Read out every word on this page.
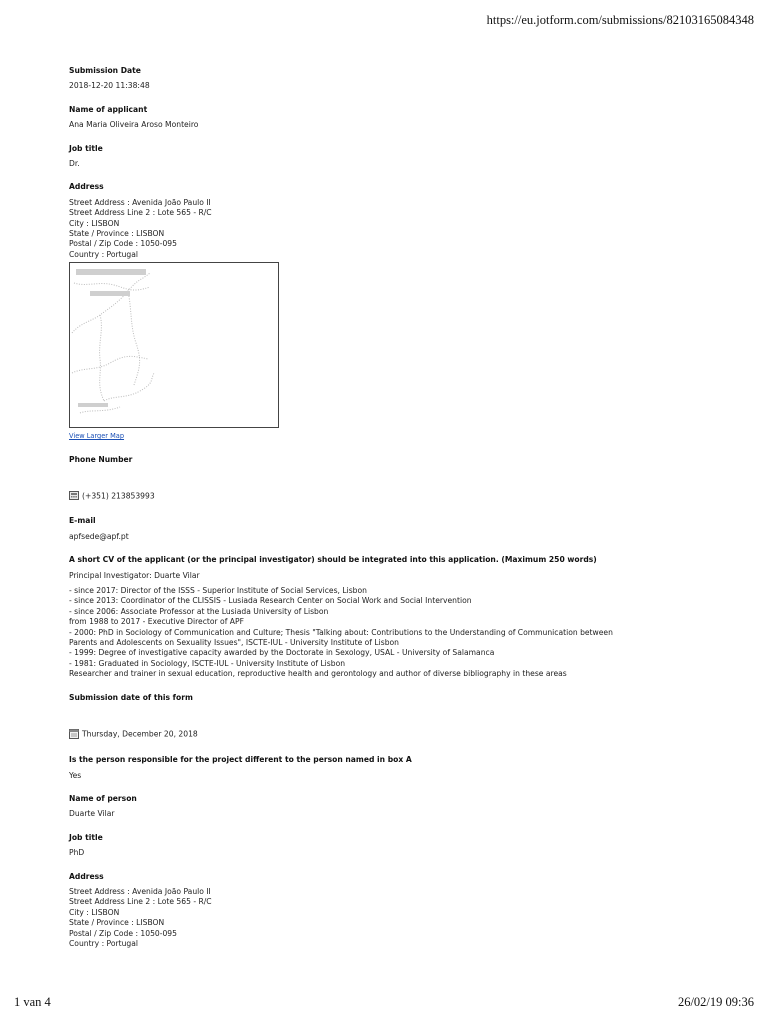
https://eu.jotform.com/submissions/82103165084348
Submission Date
2018-12-20 11:38:48
Name of applicant
Ana Maria Oliveira Aroso Monteiro
Job title
Dr.
Address
Street Address : Avenida João Paulo II
Street Address Line 2 : Lote 565 - R/C
City : LISBON
State / Province : LISBON
Postal / Zip Code : 1050-095
Country : Portugal
View Larger Map
Phone Number

(+351) 213853993

E-mail
apfsede@apf.pt
A short CV of the applicant (or the principal investigator) should be integrated into this application. (Maximum 250 words)
Principal Investigator: Duarte Vilar
- since 2017: Director of the ISSS - Superior Institute of Social Services, Lisbon
- since 2013: Coordinator of the CLISSIS - Lusiada Research Center on Social Work and Social Intervention
- since 2006: Associate Professor at the Lusiada University of Lisbon
from 1988 to 2017 - Executive Director of APF
- 2000: PhD in Sociology of Communication and Culture; Thesis "Talking about: Contributions to the Understanding of Communication between
Parents and Adolescents on Sexuality Issues", ISCTE-IUL - University Institute of Lisbon
- 1999: Degree of investigative capacity awarded by the Doctorate in Sexology, USAL - University of Salamanca
- 1981: Graduated in Sociology, ISCTE-IUL - University Institute of Lisbon
Researcher and trainer in sexual education, reproductive health and gerontology and author of diverse bibliography in these areas
Submission date of this form

Thursday, December 20, 2018

Is the person responsible for the project different to the person named in box A
Yes
Name of person
Duarte Vilar
Job title
PhD
Address
Street Address : Avenida João Paulo II
Street Address Line 2 : Lote 565 - R/C
City : LISBON
State / Province : LISBON
Postal / Zip Code : 1050-095
Country : Portugal
1 van 4	26/02/19 09:36
